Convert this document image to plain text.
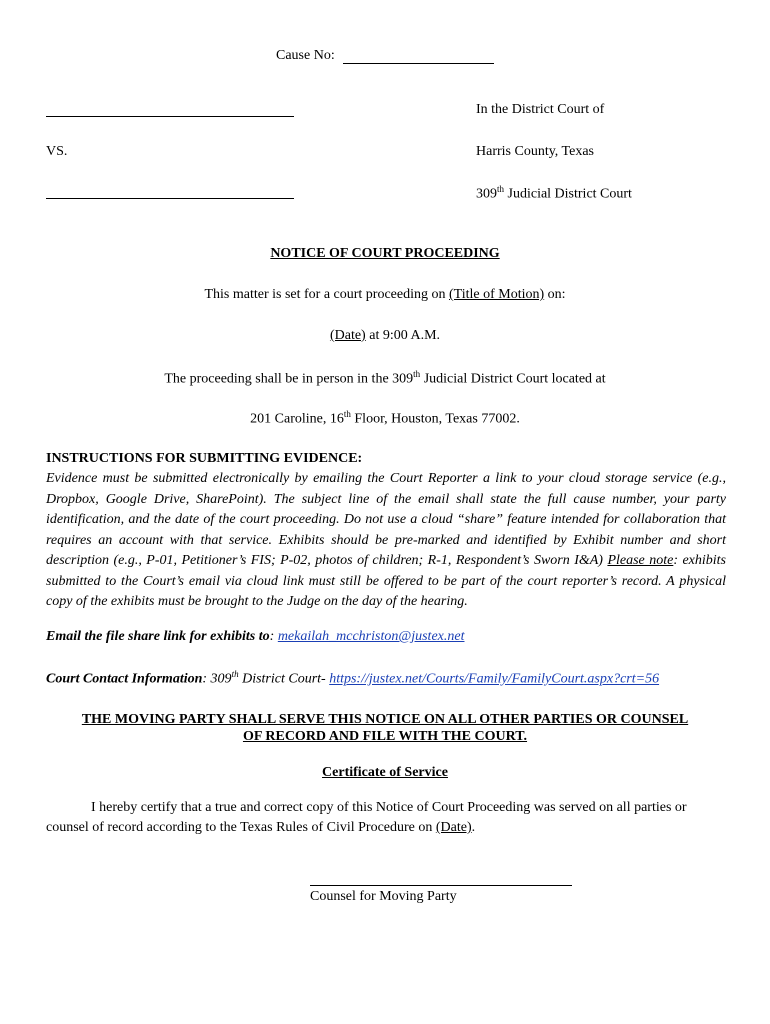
Cause No:
VS.
In the District Court of
Harris County, Texas
309th Judicial District Court
NOTICE OF COURT PROCEEDING
This matter is set for a court proceeding on (Title of Motion) on:
(Date) at 9:00 A.M.
The proceeding shall be in person in the 309th Judicial District Court located at
201 Caroline, 16th Floor, Houston, Texas 77002.
INSTRUCTIONS FOR SUBMITTING EVIDENCE:
Evidence must be submitted electronically by emailing the Court Reporter a link to your cloud storage service (e.g., Dropbox, Google Drive, SharePoint). The subject line of the email shall state the full cause number, your party identification, and the date of the court proceeding. Do not use a cloud “share” feature intended for collaboration that requires an account with that service. Exhibits should be pre-marked and identified by Exhibit number and short description (e.g., P-01, Petitioner’s FIS; P-02, photos of children; R-1, Respondent’s Sworn I&A) Please note: exhibits submitted to the Court’s email via cloud link must still be offered to be part of the court reporter’s record. A physical copy of the exhibits must be brought to the Judge on the day of the hearing.
Email the file share link for exhibits to: mekailah_mcchriston@justex.net
Court Contact Information: 309th District Court- https://justex.net/Courts/Family/FamilyCourt.aspx?crt=56
THE MOVING PARTY SHALL SERVE THIS NOTICE ON ALL OTHER PARTIES OR COUNSEL
OF RECORD AND FILE WITH THE COURT.
Certificate of Service
I hereby certify that a true and correct copy of this Notice of Court Proceeding was served on all parties or counsel of record according to the Texas Rules of Civil Procedure on (Date).
Counsel for Moving Party
